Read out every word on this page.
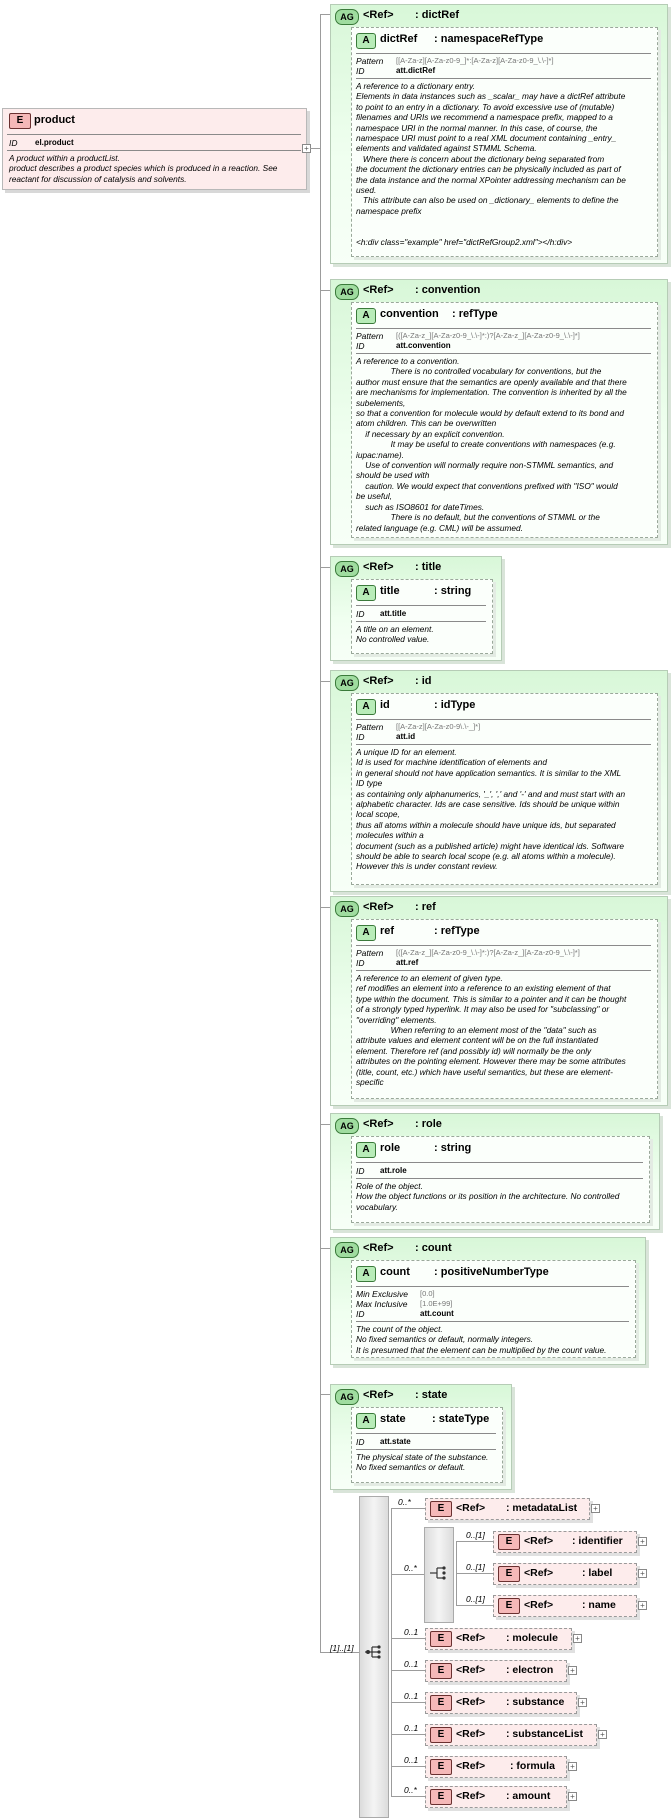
E product
ID el.product
A product within a productList.
product describes a product species which is produced in a reaction. See
reactant for discussion of catalysis and solvents.
+
AG <Ref> : dictRef
A dictRef : namespaceRefType
Pattern [[A-Za-z][A-Za-z0-9_]*:[A-Za-z][A-Za-z0-9_\.\-]*]
ID	att.dictRef
A reference to a dictionary entry.
Elements in data instances such as _scalar_ may have a dictRef attribute
to point to an entry in a dictionary. To avoid excessive use of (mutable)
filenames and URIs we recommend a namespace prefix, mapped to a
namespace URI in the normal manner. In this case, of course, the
namespace URI must point to a real XML document containing _entry_
elements and validated against STMML Schema.
Where there is concern about the dictionary being separated from
the document the dictionary entries can be physically included as part of
the data instance and the normal XPointer addressing mechanism can be
used.
This attribute can also be used on _dictionary_ elements to define the
namespace prefix

<h:div class="example" href="dictRefGroup2.xml"></h:div>
AG <Ref> : convention
A convention : refType
Pattern [([A-Za-z_][A-Za-z0-9_\.\-]*:)?[A-Za-z_][A-Za-z0-9_\.\-]*]
ID	att.convention
A reference to a convention.
There is no controlled vocabulary for conventions, but the
author must ensure that the semantics are openly available and that there
are mechanisms for implementation. The convention is inherited by all the
subelements,
so that a convention for molecule would by default extend to its bond and
atom children. This can be overwritten
if necessary by an explicit convention.
It may be useful to create conventions with namespaces (e.g.
iupac:name).
Use of convention will normally require non-STMML semantics, and
should be used with
caution. We would expect that conventions prefixed with "ISO" would
be useful,
such as ISO8601 for dateTimes.
There is no default, but the conventions of STMML or the
related language (e.g. CML) will be assumed.
AG <Ref> : title
A title	: string
ID att.title
A title on an element.
No controlled value.
AG <Ref> : id
A id	: idType
Pattern [[A-Za-z][A-Za-z0-9\.\-_]*]
ID	att.id
A unique ID for an element.
Id is used for machine identification of elements and
in general should not have application semantics. It is similar to the XML
ID type
as containing only alphanumerics, '_', ',' and '-' and and must start with an
alphabetic character. Ids are case sensitive. Ids should be unique within
local scope,
thus all atoms within a molecule should have unique ids, but separated
molecules within a
document (such as a published article) might have identical ids. Software
should be able to search local scope (e.g. all atoms within a molecule).
However this is under constant review.
AG <Ref> : ref
A ref	: refType
Pattern [([A-Za-z_][A-Za-z0-9_\.\-]*:)?[A-Za-z_][A-Za-z0-9_\.\-]*]
ID	att.ref
A reference to an element of given type.
ref modifies an element into a reference to an existing element of that
type within the document. This is similar to a pointer and it can be thought
of a strongly typed hyperlink. It may also be used for "subclassing" or
"overriding" elements.
When referring to an element most of the "data" such as
attribute values and element content will be on the full instantiated
element. Therefore ref (and possibly id) will normally be the only
attributes on the pointing element. However there may be some attributes
(title, count, etc.) which have useful semantics, but these are element-
specific
AG <Ref> : role
A role	: string
ID att.role
Role of the object.
How the object functions or its position in the architecture. No controlled
vocabulary.
AG <Ref> : count
A count : positiveNumberType
Min Exclusive [0.0]
Max Inclusive [1.0E+99]
ID	att.count
The count of the object.
No fixed semantics or default, normally integers.
It is presumed that the element can be multiplied by the count value.
AG <Ref> : state
A state : stateType
ID att.state
The physical state of the substance.
No fixed semantics or default.
[1]..[1]
0..*
0..*
E	<Ref> : metadataList +
0..[1]
E	<Ref> : identifier +
0..[1]
E	<Ref>	: label	+
0..[1]
E	<Ref>	: name	+
0..1
E	<Ref> : molecule +
0..1
E	<Ref> : electron +
0..1
E	<Ref> : substance +
0..1
E	<Ref> : substanceList +
0..1
E	<Ref> : formula +
0..*
E	<Ref> : amount +
